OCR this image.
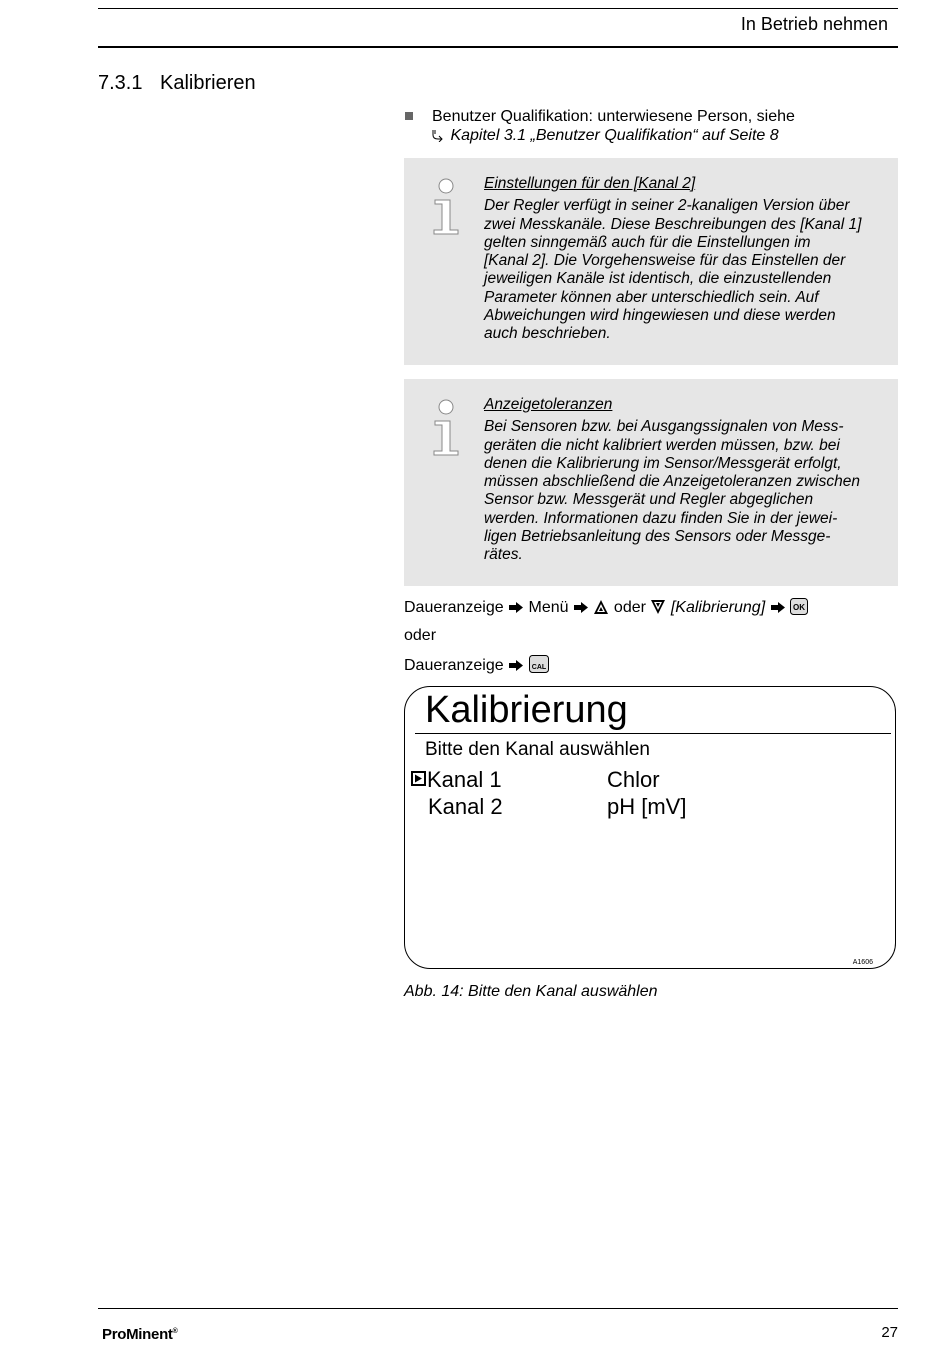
In Betrieb nehmen
7.3.1 Kalibrieren
Benutzer Qualifikation: unterwiesene Person, siehe
Kapitel 3.1 „Benutzer Qualifikation“ auf Seite 8
Einstellungen für den [Kanal 2]
Der Regler verfügt in seiner 2-kanaligen Version über
zwei Messkanäle. Diese Beschreibungen des [Kanal 1]
gelten sinngemäß auch für die Einstellungen im
[Kanal 2]. Die Vorgehensweise für das Einstellen der
jeweiligen Kanäle ist identisch, die einzustellenden
Parameter können aber unterschiedlich sein. Auf
Abweichungen wird hingewiesen und diese werden
auch beschrieben.
Anzeigetoleranzen
Bei Sensoren bzw. bei Ausgangssignalen von Mess-
geräten die nicht kalibriert werden müssen, bzw. bei
denen die Kalibrierung im Sensor/Messgerät erfolgt,
müssen abschließend die Anzeigetoleranzen zwischen
Sensor bzw. Messgerät und Regler abgeglichen
werden. Informationen dazu finden Sie in der jewei-
ligen Betriebsanleitung des Sensors oder Messge-
rätes.
Daueranzeige Menü	oder [Kalibrierung]	OK
oder
Daueranzeige	CAL
Kalibrierung
Bitte den Kanal auswählen
Kanal 1	Chlor
Kanal 2	pH [mV]
A1606
Abb. 14: Bitte den Kanal auswählen
ProMinent®	27
